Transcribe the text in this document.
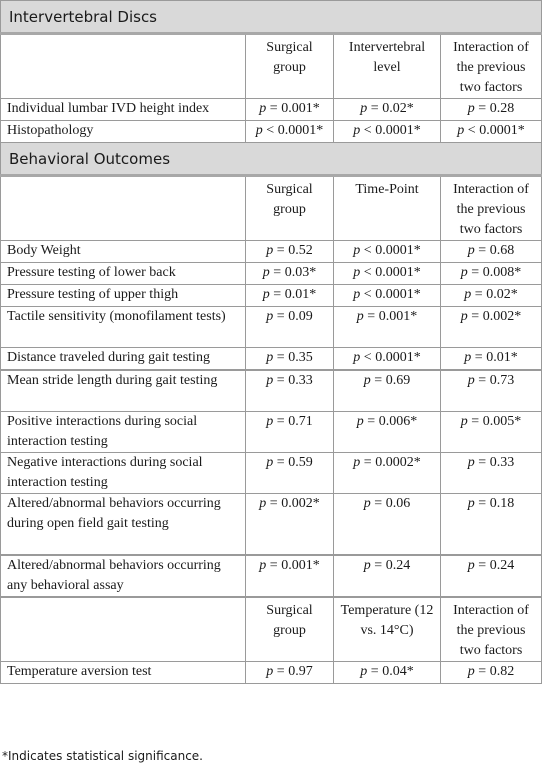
Intervertebral Discs			
	Surgical group	Intervertebral level	Interaction of the previous two factors
Individual lumbar IVD height index	p = 0.001*	p = 0.02*	p = 0.28
Histopathology	p < 0.0001*	p < 0.0001*	p < 0.0001*
Behavioral Outcomes			
	Surgical group	Time-Point	Interaction of the previous two factors
Body Weight	p = 0.52	p < 0.0001*	p = 0.68
Pressure testing of lower back	p = 0.03*	p < 0.0001*	p = 0.008*
Pressure testing of upper thigh	p = 0.01*	p < 0.0001*	p = 0.02*
Tactile sensitivity (monofilament tests)	p = 0.09	p = 0.001*	p = 0.002*
Distance traveled during gait testing	p = 0.35	p < 0.0001*	p = 0.01*
Mean stride length during gait testing	p = 0.33	p = 0.69	p = 0.73
Positive interactions during social interaction testing	p = 0.71	p = 0.006*	p = 0.005*
Negative interactions during social interaction testing	p = 0.59	p = 0.0002*	p = 0.33
Altered/abnormal behaviors occurring during open field gait testing	p = 0.002*	p = 0.06	p = 0.18
Altered/abnormal behaviors occurring any behavioral assay	p = 0.001*	p = 0.24	p = 0.24
	Surgical group	Temperature (12 vs. 14°C)	Interaction of the previous two factors
Temperature aversion test	p = 0.97	p = 0.04*	p = 0.82
*Indicates statistical significance.
